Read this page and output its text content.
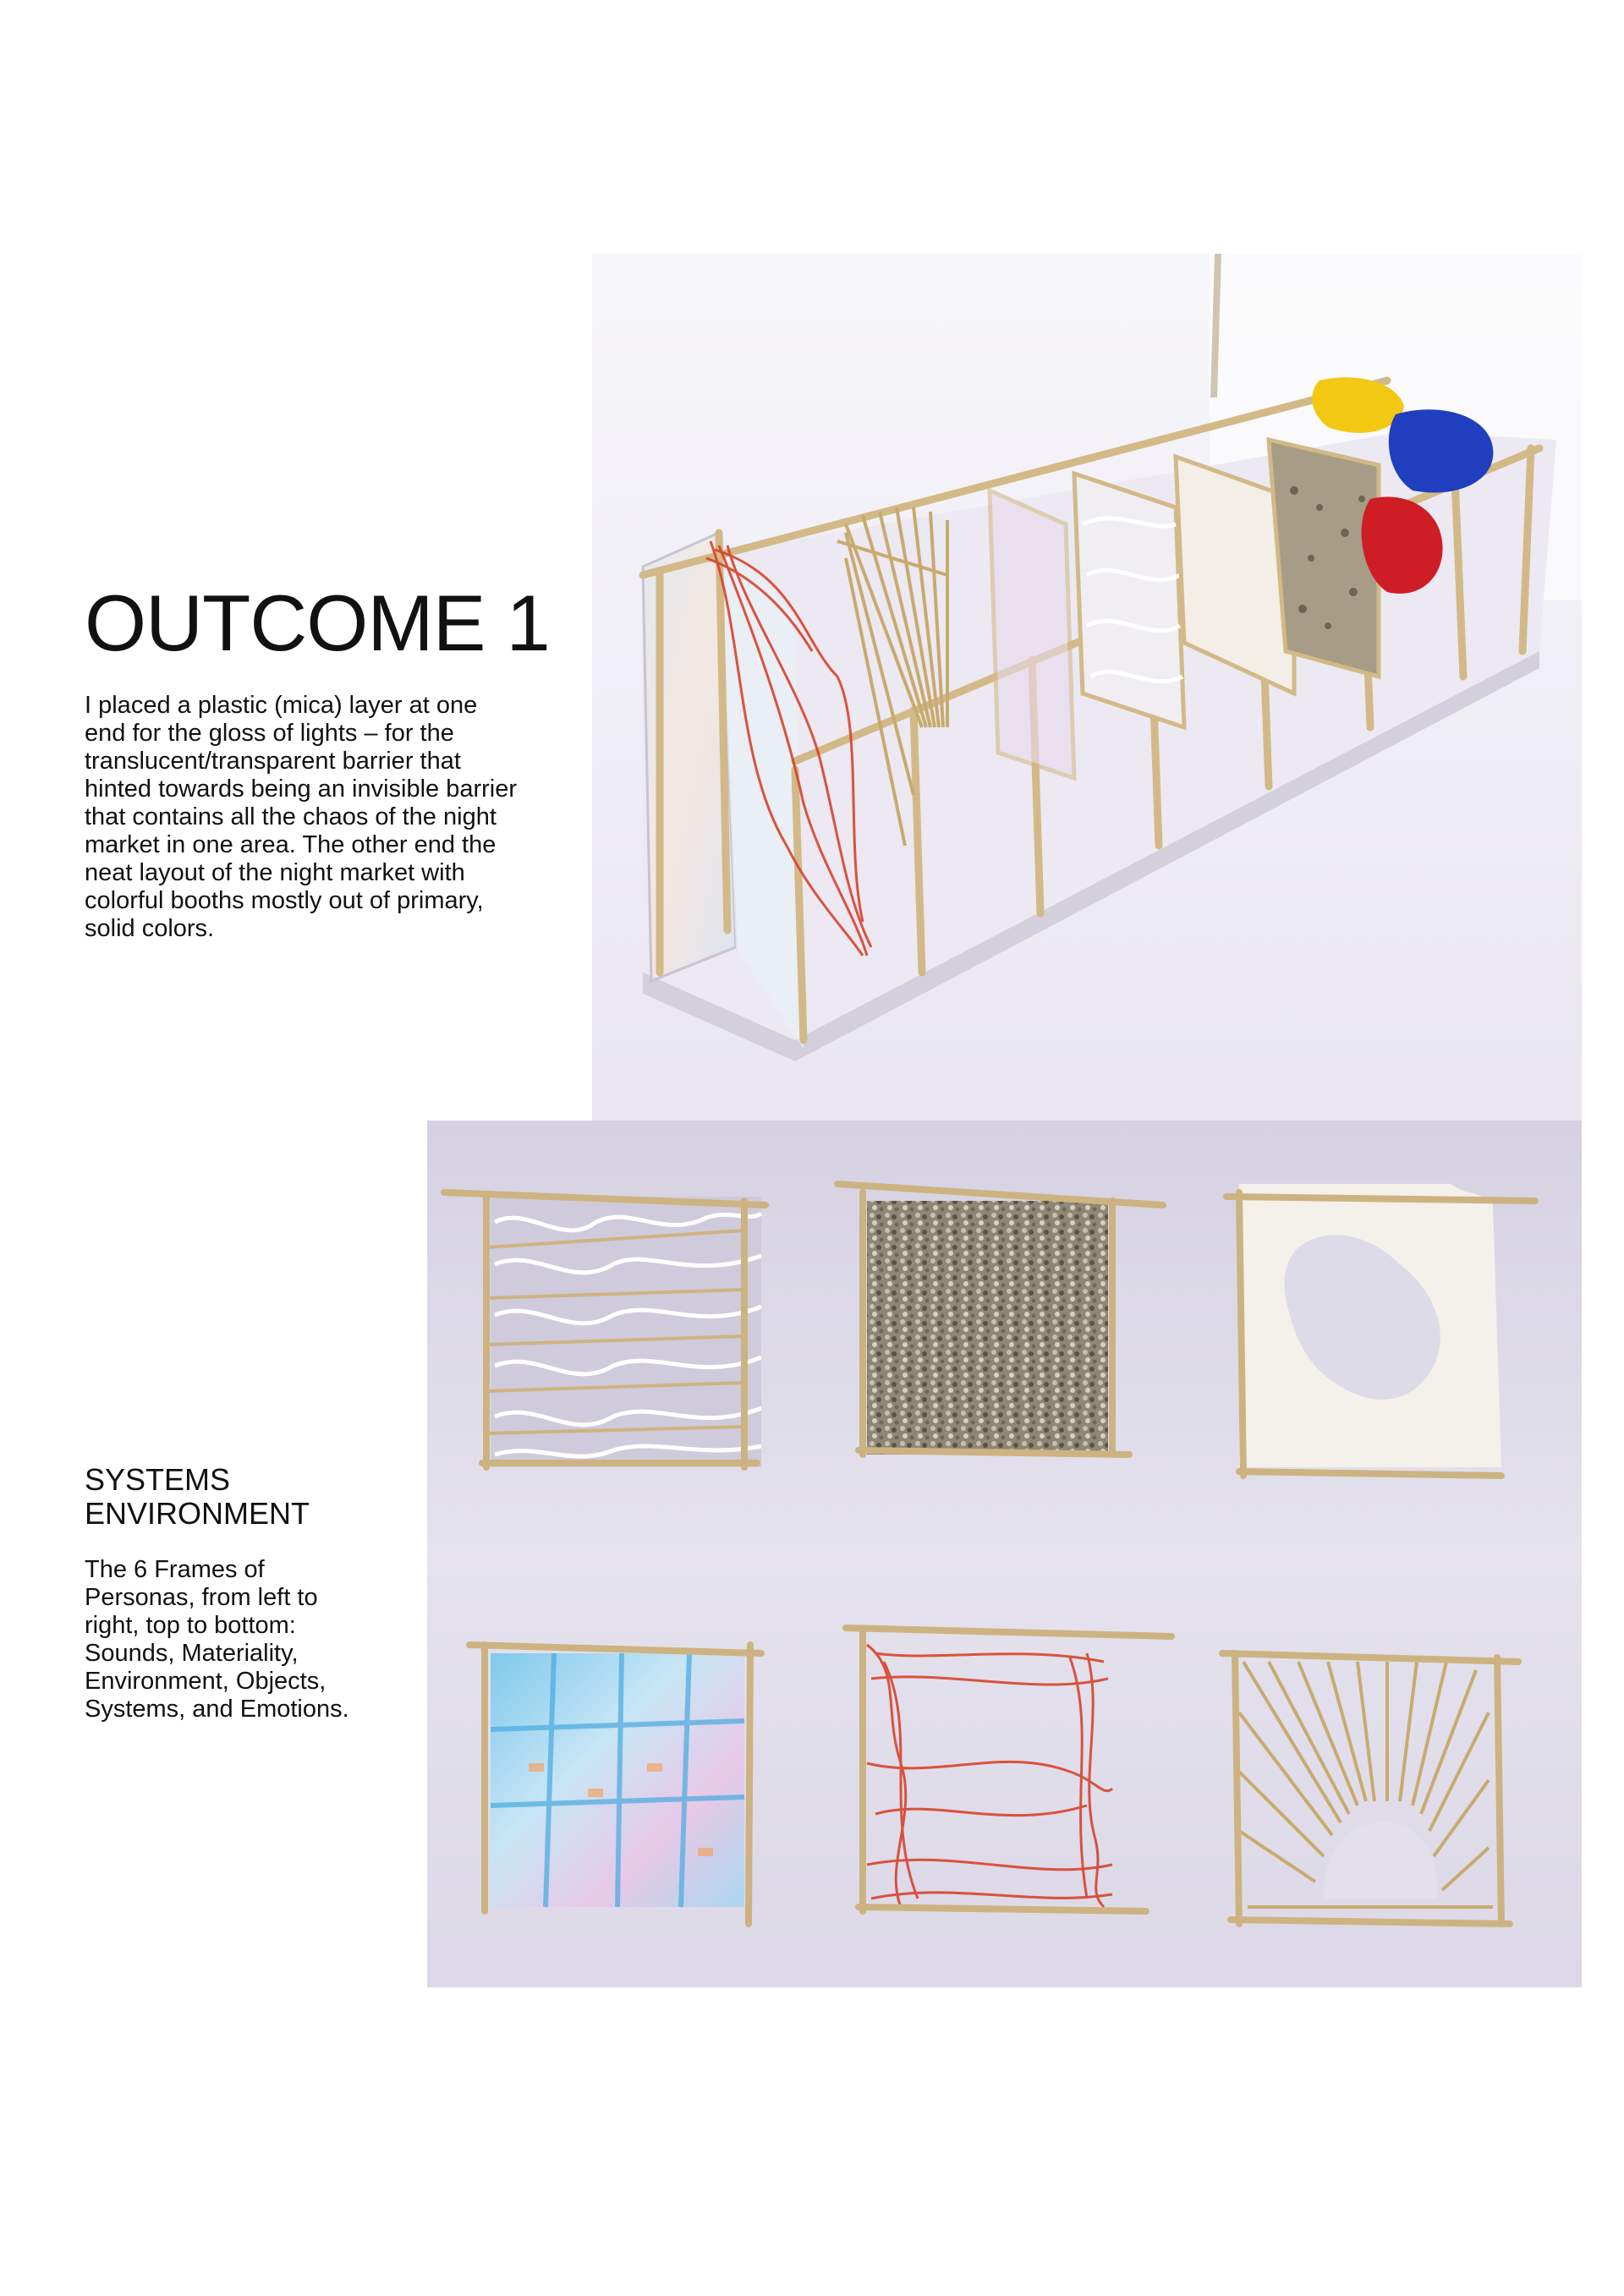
OUTCOME 1

I placed a plastic (mica) layer at one end for the gloss of lights – for the translucent/transparent barrier that hinted towards being an invisible barrier that contains all the chaos of the night market in one area. The other end the neat layout of the night market with colorful booths mostly out of primary, solid colors.

SYSTEMS
ENVIRONMENT

The 6 Frames of Personas, from left to right, top to bottom: Sounds, Materiality, Environment, Objects, Systems, and Emotions.
